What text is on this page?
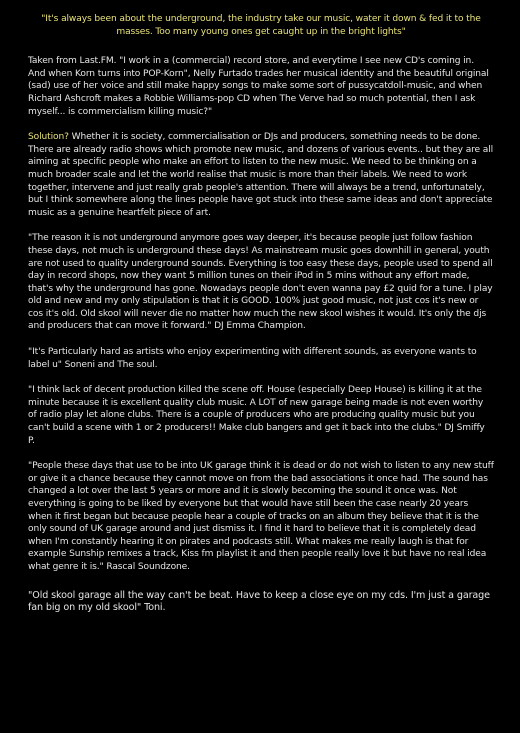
"It's always been about the underground, the industry take our music, water it down & fed it to the masses. Too many young ones get caught up in the bright lights"

Taken from Last.FM. "I work in a (commercial) record store, and everytime I see new CD's coming in. And when Korn turns into POP-Korn", Nelly Furtado trades her musical identity and the beautiful original (sad) use of her voice and still make happy songs to make some sort of pussycatdoll-music, and when Richard Ashcroft makes a Robbie Williams-pop CD when The Verve had so much potential, then I ask myself... is commercialism killing music?"

Solution? Whether it is society, commercialisation or DJs and producers, something needs to be done. There are already radio shows which promote new music, and dozens of various events.. but they are all aiming at specific people who make an effort to listen to the new music. We need to be thinking on a much broader scale and let the world realise that music is more than their labels. We need to work together, intervene and just really grab people's attention. There will always be a trend, unfortunately, but I think somewhere along the lines people have got stuck into these same ideas and don't appreciate music as a genuine heartfelt piece of art.

"The reason it is not underground anymore goes way deeper, it's because people just follow fashion these days, not much is underground these days! As mainstream music goes downhill in general, youth are not used to quality underground sounds. Everything is too easy these days, people used to spend all day in record shops, now they want 5 million tunes on their iPod in 5 mins without any effort made, that's why the underground has gone. Nowadays people don't even wanna pay £2 quid for a tune. I play old and new and my only stipulation is that it is GOOD. 100% just good music, not just cos it's new or cos it's old. Old skool will never die no matter how much the new skool wishes it would. It's only the djs and producers that can move it forward." DJ Emma Champion.

"It's Particularly hard as artists who enjoy experimenting with different sounds, as everyone wants to label u" Soneni and The soul.

"I think lack of decent production killed the scene off. House (especially Deep House) is killing it at the minute because it is excellent quality club music. A LOT of new garage being made is not even worthy of radio play let alone clubs. There is a couple of producers who are producing quality music but you can't build a scene with 1 or 2 producers!! Make club bangers and get it back into the clubs." DJ Smiffy P.

"People these days that use to be into UK garage think it is dead or do not wish to listen to any new stuff or give it a chance because they cannot move on from the bad associations it once had. The sound has changed a lot over the last 5 years or more and it is slowly becoming the sound it once was. Not everything is going to be liked by everyone but that would have still been the case nearly 20 years when it first began but because people hear a couple of tracks on an album they believe that it is the only sound of UK garage around and just dismiss it. I find it hard to believe that it is completely dead when I'm constantly hearing it on pirates and podcasts still. What makes me really laugh is that for example Sunship remixes a track, Kiss fm playlist it and then people really love it but have no real idea what genre it is." Rascal Soundzone.

"Old skool garage all the way can't be beat. Have to keep a close eye on my cds. I'm just a garage fan big on my old skool" Toni.
